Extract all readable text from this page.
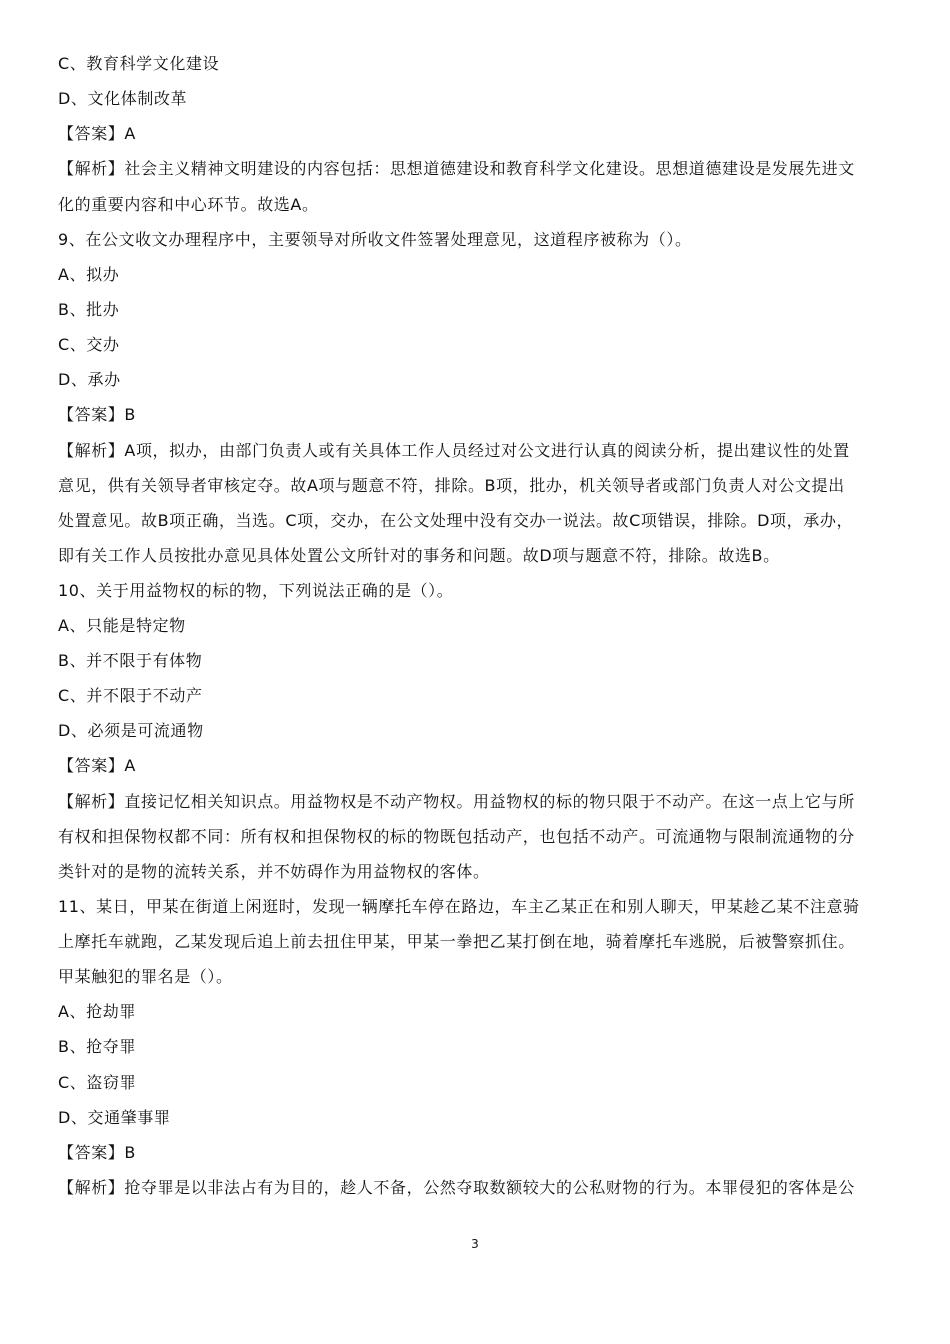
C、教育科学文化建设
D、文化体制改革
【答案】A
【解析】社会主义精神文明建设的内容包括：思想道德建设和教育科学文化建设。思想道德建设是发展先进文
化的重要内容和中心环节。故选A。
9、在公文收文办理程序中，主要领导对所收文件签署处理意见，这道程序被称为（）。
A、拟办
B、批办
C、交办
D、承办
【答案】B
【解析】A项，拟办，由部门负责人或有关具体工作人员经过对公文进行认真的阅读分析，提出建议性的处置
意见，供有关领导者审核定夺。故A项与题意不符，排除。B项，批办，机关领导者或部门负责人对公文提出
处置意见。故B项正确，当选。C项，交办，在公文处理中没有交办一说法。故C项错误，排除。D项，承办，
即有关工作人员按批办意见具体处置公文所针对的事务和问题。故D项与题意不符，排除。故选B。
10、关于用益物权的标的物，下列说法正确的是（）。
A、只能是特定物
B、并不限于有体物
C、并不限于不动产
D、必须是可流通物
【答案】A
【解析】直接记忆相关知识点。用益物权是不动产物权。用益物权的标的物只限于不动产。在这一点上它与所
有权和担保物权都不同：所有权和担保物权的标的物既包括动产，也包括不动产。可流通物与限制流通物的分
类针对的是物的流转关系，并不妨碍作为用益物权的客体。
11、某日，甲某在街道上闲逛时，发现一辆摩托车停在路边，车主乙某正在和别人聊天，甲某趁乙某不注意骑
上摩托车就跑，乙某发现后追上前去扭住甲某，甲某一拳把乙某打倒在地，骑着摩托车逃脱，后被警察抓住。
甲某触犯的罪名是（）。
A、抢劫罪
B、抢夺罪
C、盗窃罪
D、交通肇事罪
【答案】B
【解析】抢夺罪是以非法占有为目的，趁人不备，公然夺取数额较大的公私财物的行为。本罪侵犯的客体是公
3
